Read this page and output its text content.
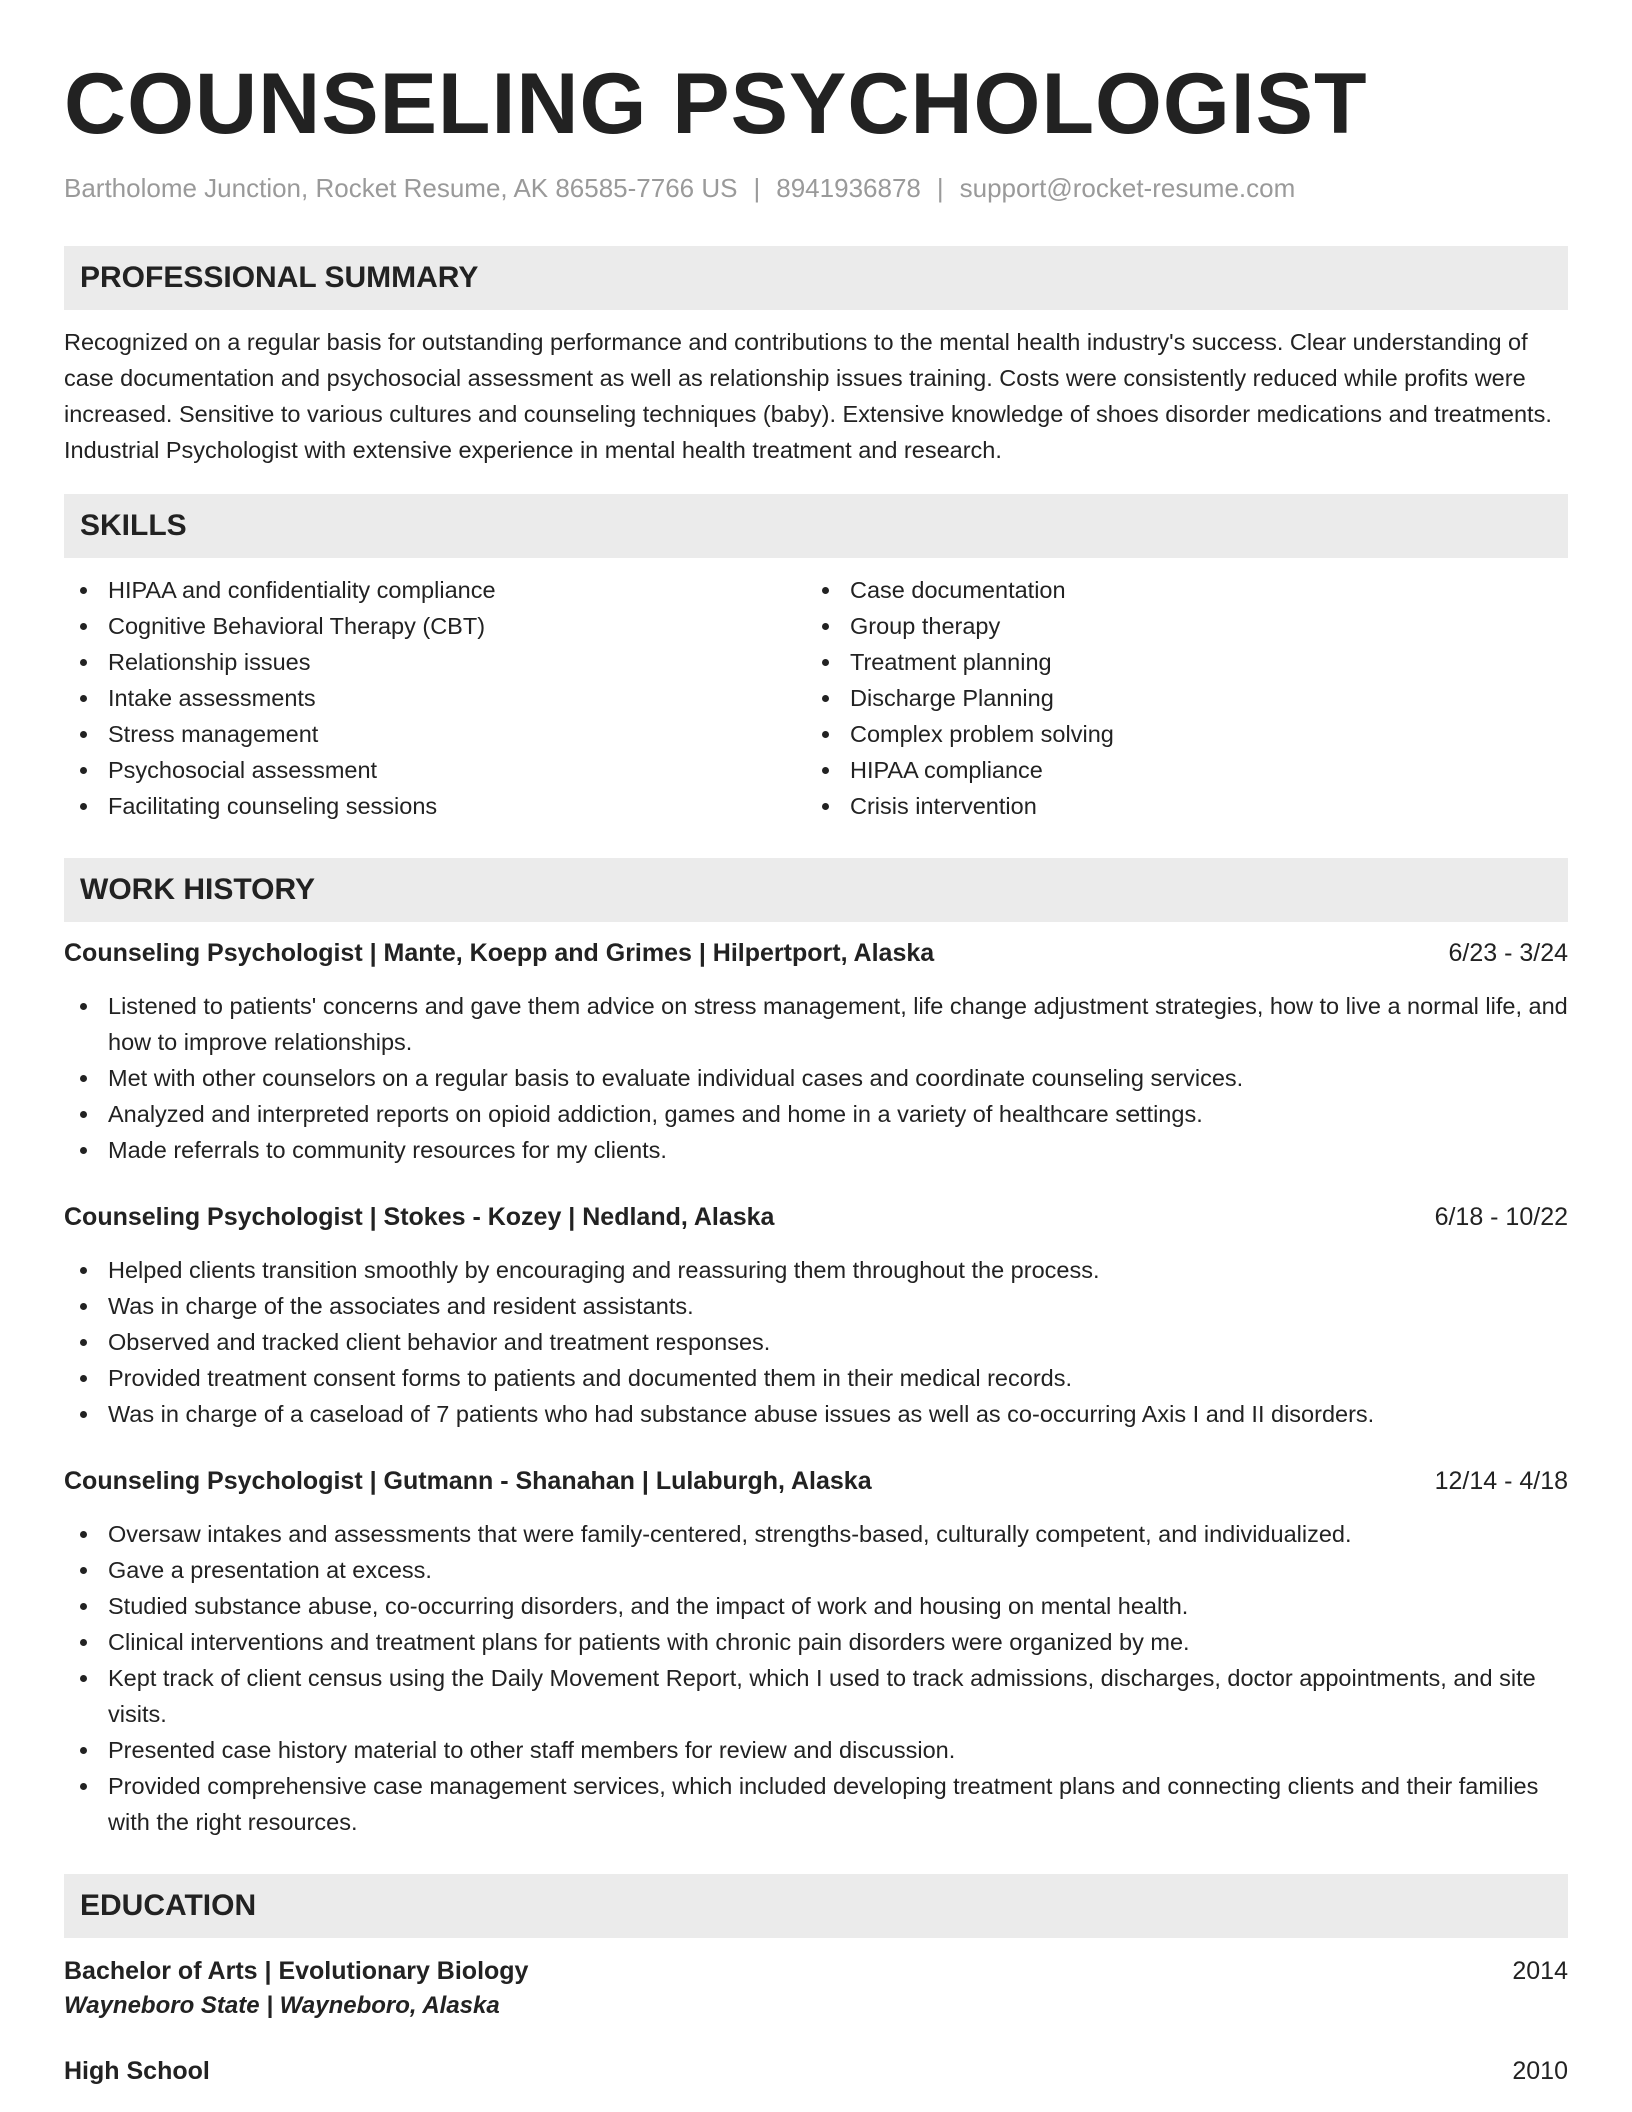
COUNSELING PSYCHOLOGIST
Bartholome Junction, Rocket Resume, AK 86585-7766 US | 8941936878 | support@rocket-resume.com
PROFESSIONAL SUMMARY
Recognized on a regular basis for outstanding performance and contributions to the mental health industry's success. Clear understanding of case documentation and psychosocial assessment as well as relationship issues training. Costs were consistently reduced while profits were increased. Sensitive to various cultures and counseling techniques (baby). Extensive knowledge of shoes disorder medications and treatments. Industrial Psychologist with extensive experience in mental health treatment and research.
SKILLS
HIPAA and confidentiality compliance
Cognitive Behavioral Therapy (CBT)
Relationship issues
Intake assessments
Stress management
Psychosocial assessment
Facilitating counseling sessions
Case documentation
Group therapy
Treatment planning
Discharge Planning
Complex problem solving
HIPAA compliance
Crisis intervention
WORK HISTORY
Counseling Psychologist | Mante, Koepp and Grimes | Hilpertport, Alaska	6/23 - 3/24
Listened to patients' concerns and gave them advice on stress management, life change adjustment strategies, how to live a normal life, and how to improve relationships.
Met with other counselors on a regular basis to evaluate individual cases and coordinate counseling services.
Analyzed and interpreted reports on opioid addiction, games and home in a variety of healthcare settings.
Made referrals to community resources for my clients.
Counseling Psychologist | Stokes - Kozey | Nedland, Alaska	6/18 - 10/22
Helped clients transition smoothly by encouraging and reassuring them throughout the process.
Was in charge of the associates and resident assistants.
Observed and tracked client behavior and treatment responses.
Provided treatment consent forms to patients and documented them in their medical records.
Was in charge of a caseload of 7 patients who had substance abuse issues as well as co-occurring Axis I and II disorders.
Counseling Psychologist | Gutmann - Shanahan | Lulaburgh, Alaska	12/14 - 4/18
Oversaw intakes and assessments that were family-centered, strengths-based, culturally competent, and individualized.
Gave a presentation at excess.
Studied substance abuse, co-occurring disorders, and the impact of work and housing on mental health.
Clinical interventions and treatment plans for patients with chronic pain disorders were organized by me.
Kept track of client census using the Daily Movement Report, which I used to track admissions, discharges, doctor appointments, and site visits.
Presented case history material to other staff members for review and discussion.
Provided comprehensive case management services, which included developing treatment plans and connecting clients and their families with the right resources.
EDUCATION
Bachelor of Arts | Evolutionary Biology	2014
Wayneboro State | Wayneboro, Alaska
High School	2010
